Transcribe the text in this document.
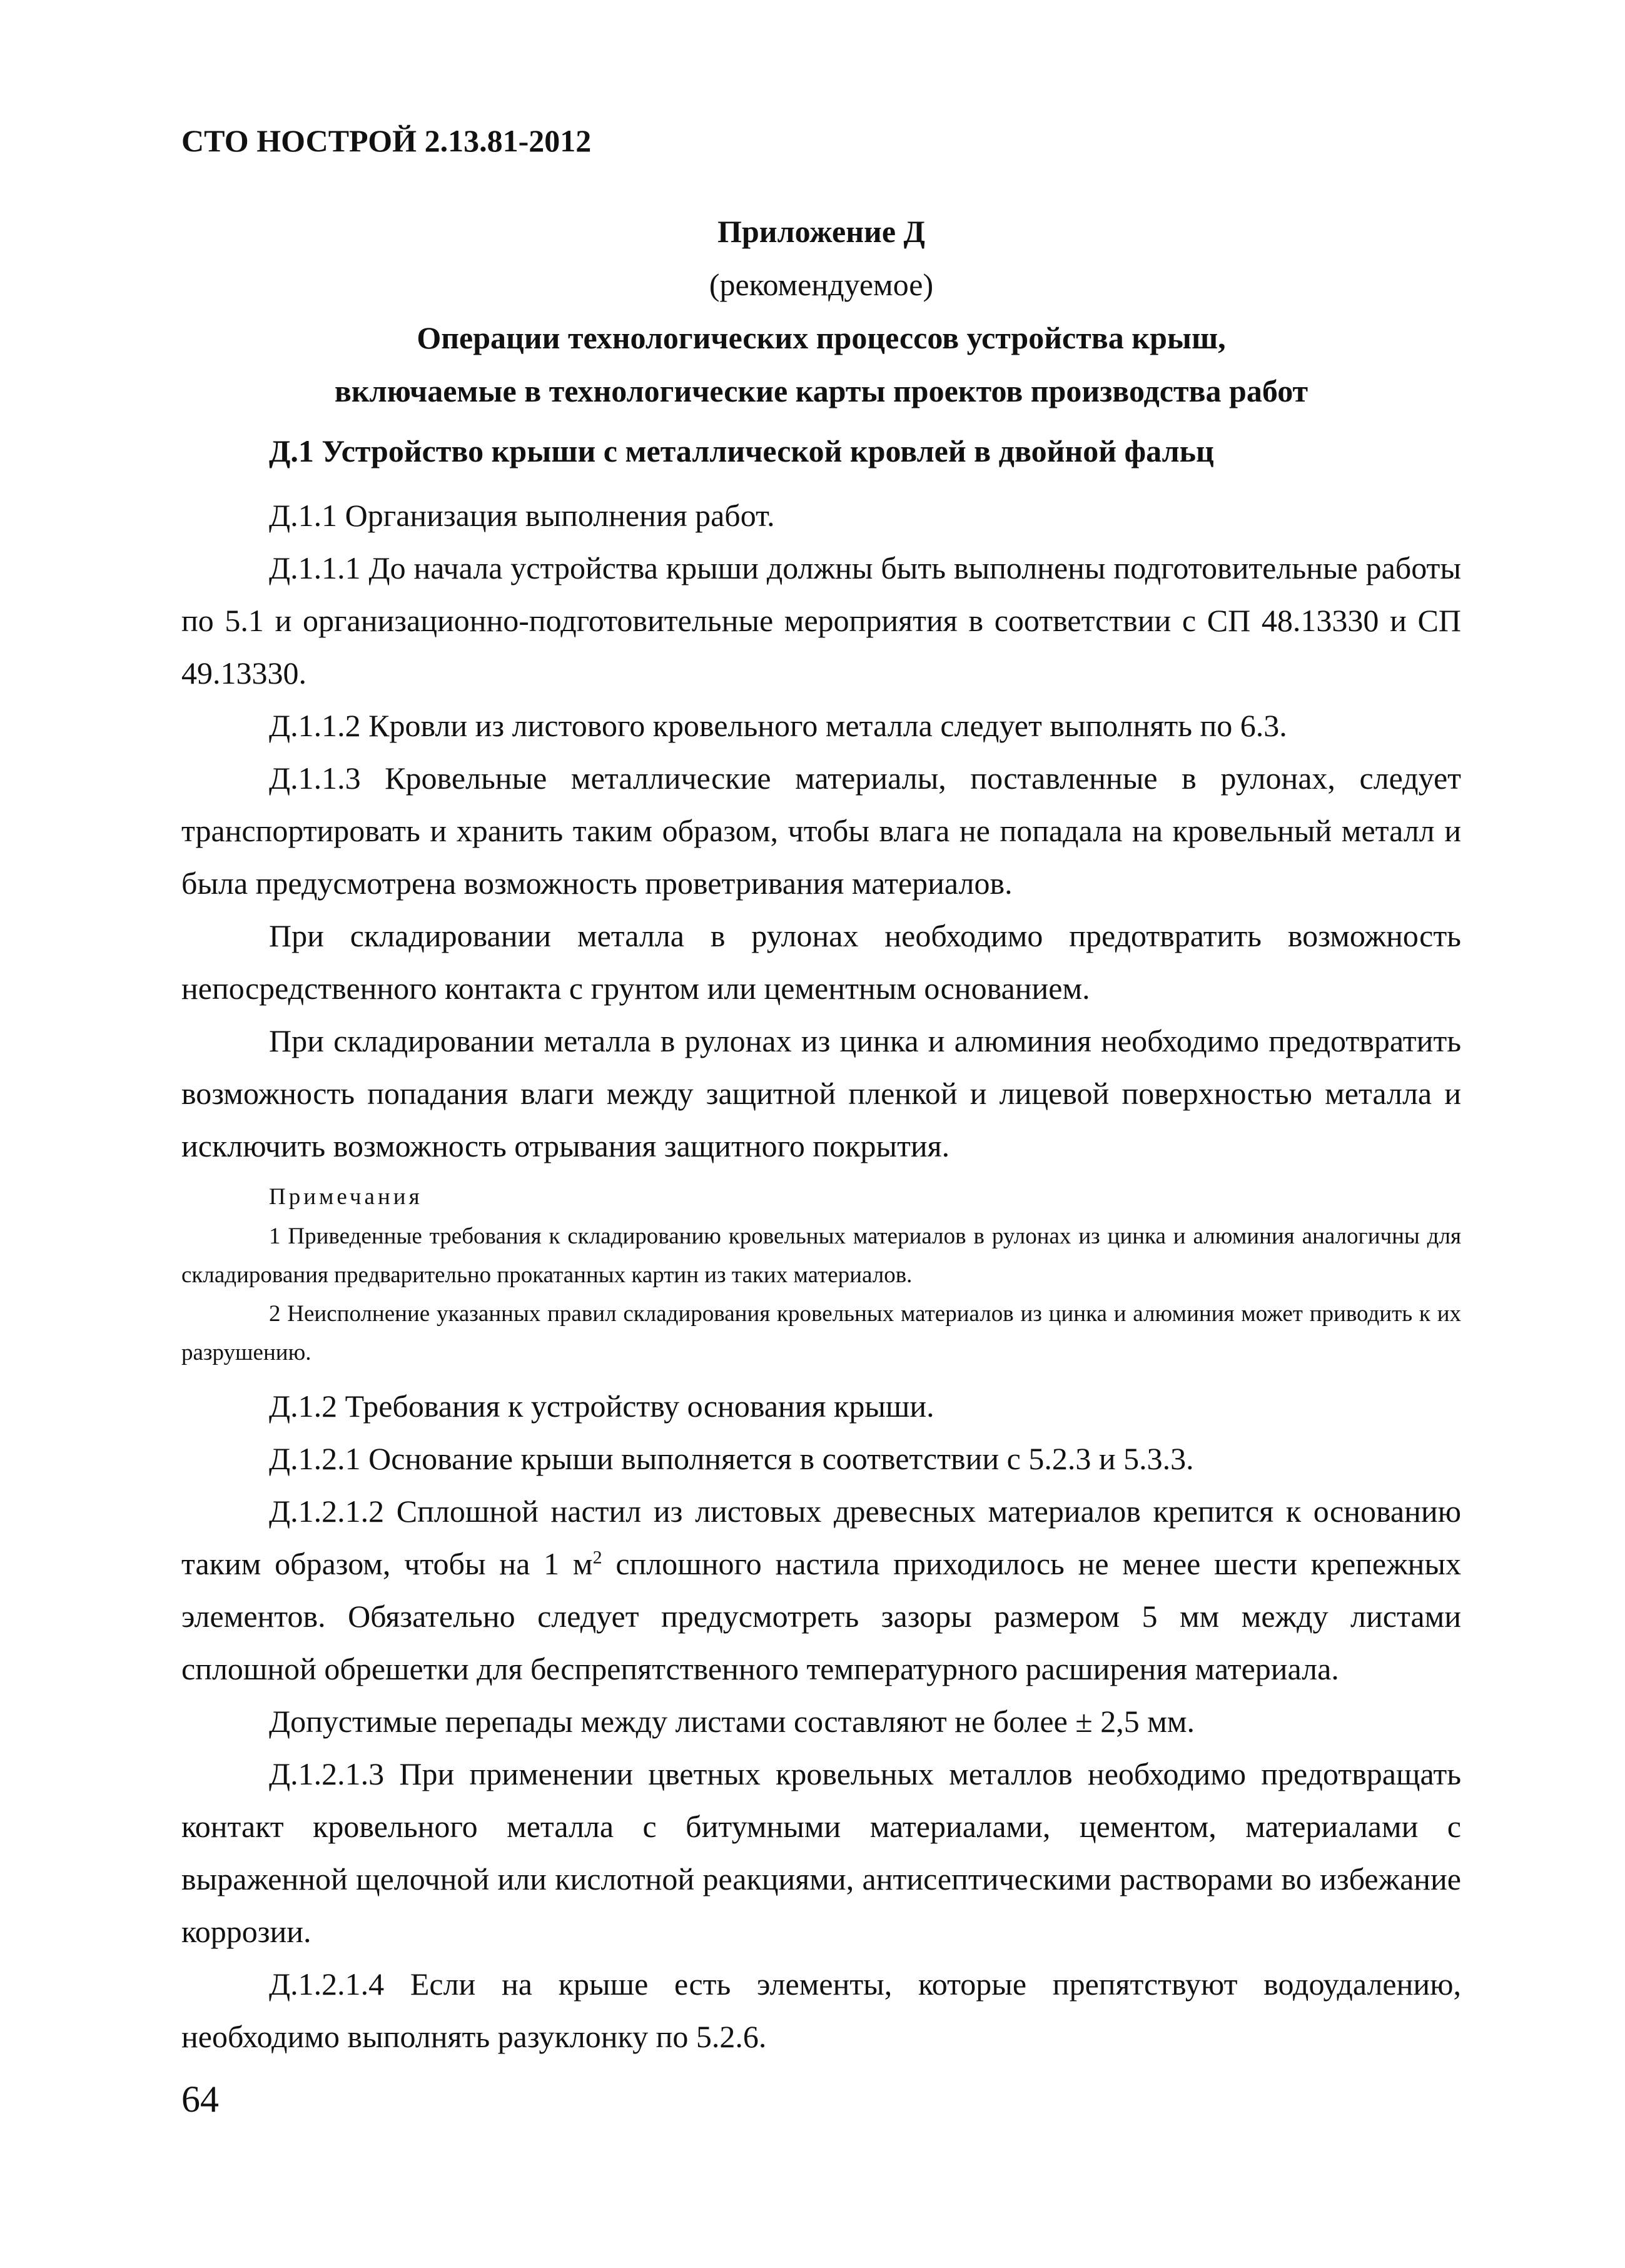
СТО НОСТРОЙ 2.13.81-2012
Приложение Д
(рекомендуемое)
Операции технологических процессов устройства крыш,
включаемые в технологические карты проектов производства работ
Д.1 Устройство крыши с металлической кровлей в двойной фальц

Д.1.1 Организация выполнения работ.

Д.1.1.1 До начала устройства крыши должны быть выполнены подготовительные работы по 5.1 и организационно-подготовительные мероприятия в соответствии с СП 48.13330 и СП 49.13330.

Д.1.1.2 Кровли из листового кровельного металла следует выполнять по 6.3.

Д.1.1.3 Кровельные металлические материалы, поставленные в рулонах, следует транспортировать и хранить таким образом, чтобы влага не попадала на кровельный металл и была предусмотрена возможность проветривания материалов.

При складировании металла в рулонах необходимо предотвратить возможность непосредственного контакта с грунтом или цементным основанием.

При складировании металла в рулонах из цинка и алюминия необходимо предотвратить возможность попадания влаги между защитной пленкой и лицевой поверхностью металла и исключить возможность отрывания защитного покрытия.

Примечания

1 Приведенные требования к складированию кровельных материалов в рулонах из цинка и алюминия аналогичны для складирования предварительно прокатанных картин из таких материалов.

2 Неисполнение указанных правил складирования кровельных материалов из цинка и алюминия может приводить к их разрушению.

Д.1.2 Требования к устройству основания крыши.

Д.1.2.1 Основание крыши выполняется в соответствии с 5.2.3 и 5.3.3.

Д.1.2.1.2 Сплошной настил из листовых древесных материалов крепится к основанию таким образом, чтобы на 1 $м^2$ сплошного настила приходилось не менее шести крепежных элементов. Обязательно следует предусмотреть зазоры размером 5 мм между листами сплошной обрешетки для беспрепятственного температурного расширения материала.

Допустимые перепады между листами составляют не более ± 2,5 мм.

Д.1.2.1.3 При применении цветных кровельных металлов необходимо предотвращать контакт кровельного металла с битумными материалами, цементом, материалами с выраженной щелочной или кислотной реакциями, антисептическими растворами во избежание коррозии.

Д.1.2.1.4 Если на крыше есть элементы, которые препятствуют водоудалению, необходимо выполнять разуклонку по 5.2.6.

64
